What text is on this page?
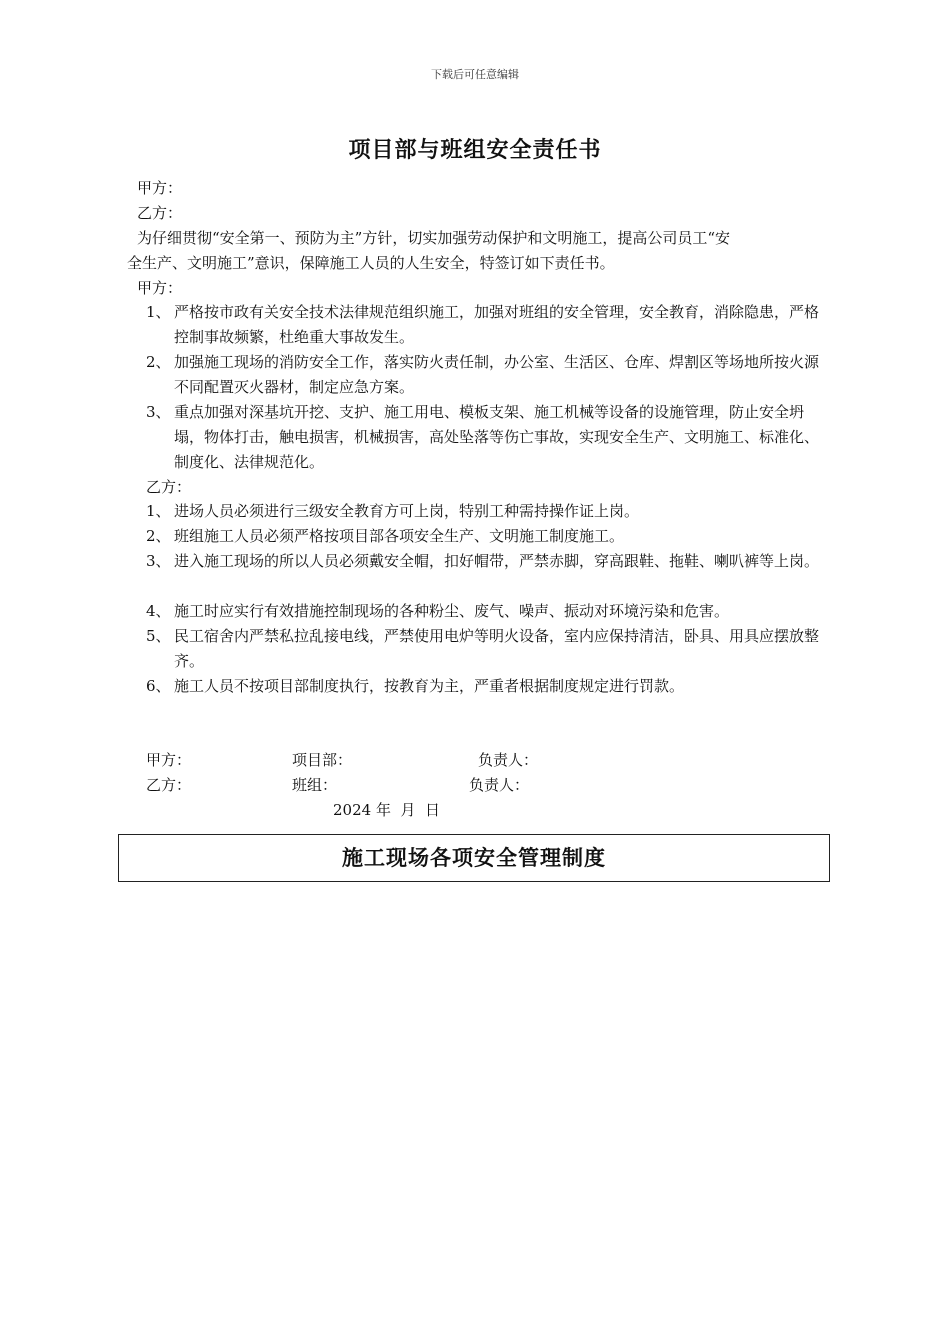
下载后可任意编辑
项目部与班组安全责任书
甲方：
乙方：
为仔细贯彻“安全第一、预防为主”方针，切实加强劳动保护和文明施工，提高公司员工“安
全生产、文明施工”意识，保障施工人员的人生安全，特签订如下责任书。
甲方：
1、 严格按市政有关安全技术法律规范组织施工，加强对班组的安全管理，安全教育，消除隐患，严格控制事故频繁，杜绝重大事故发生。
2、 加强施工现场的消防安全工作，落实防火责任制，办公室、生活区、仓库、焊割区等场地所按火源不同配置灭火器材，制定应急方案。
3、 重点加强对深基坑开挖、支护、施工用电、模板支架、施工机械等设备的设施管理，防止安全坍塌，物体打击，触电损害，机械损害，高处坠落等伤亡事故，实现安全生产、文明施工、标准化、制度化、法律规范化。
乙方：
1、 进场人员必须进行三级安全教育方可上岗，特别工种需持操作证上岗。
2、 班组施工人员必须严格按项目部各项安全生产、文明施工制度施工。
3、 进入施工现场的所以人员必须戴安全帽，扣好帽带，严禁赤脚，穿高跟鞋、拖鞋、喇叭裤等上岗。
4、 施工时应实行有效措施控制现场的各种粉尘、废气、噪声、振动对环境污染和危害。
5、 民工宿舍内严禁私拉乱接电线，严禁使用电炉等明火设备，室内应保持清洁，卧具、用具应摆放整齐。
6、 施工人员不按项目部制度执行，按教育为主，严重者根据制度规定进行罚款。
甲方：	项目部：	负责人：
乙方：	班组：	负责人：
2024 年  月  日
施工现场各项安全管理制度
